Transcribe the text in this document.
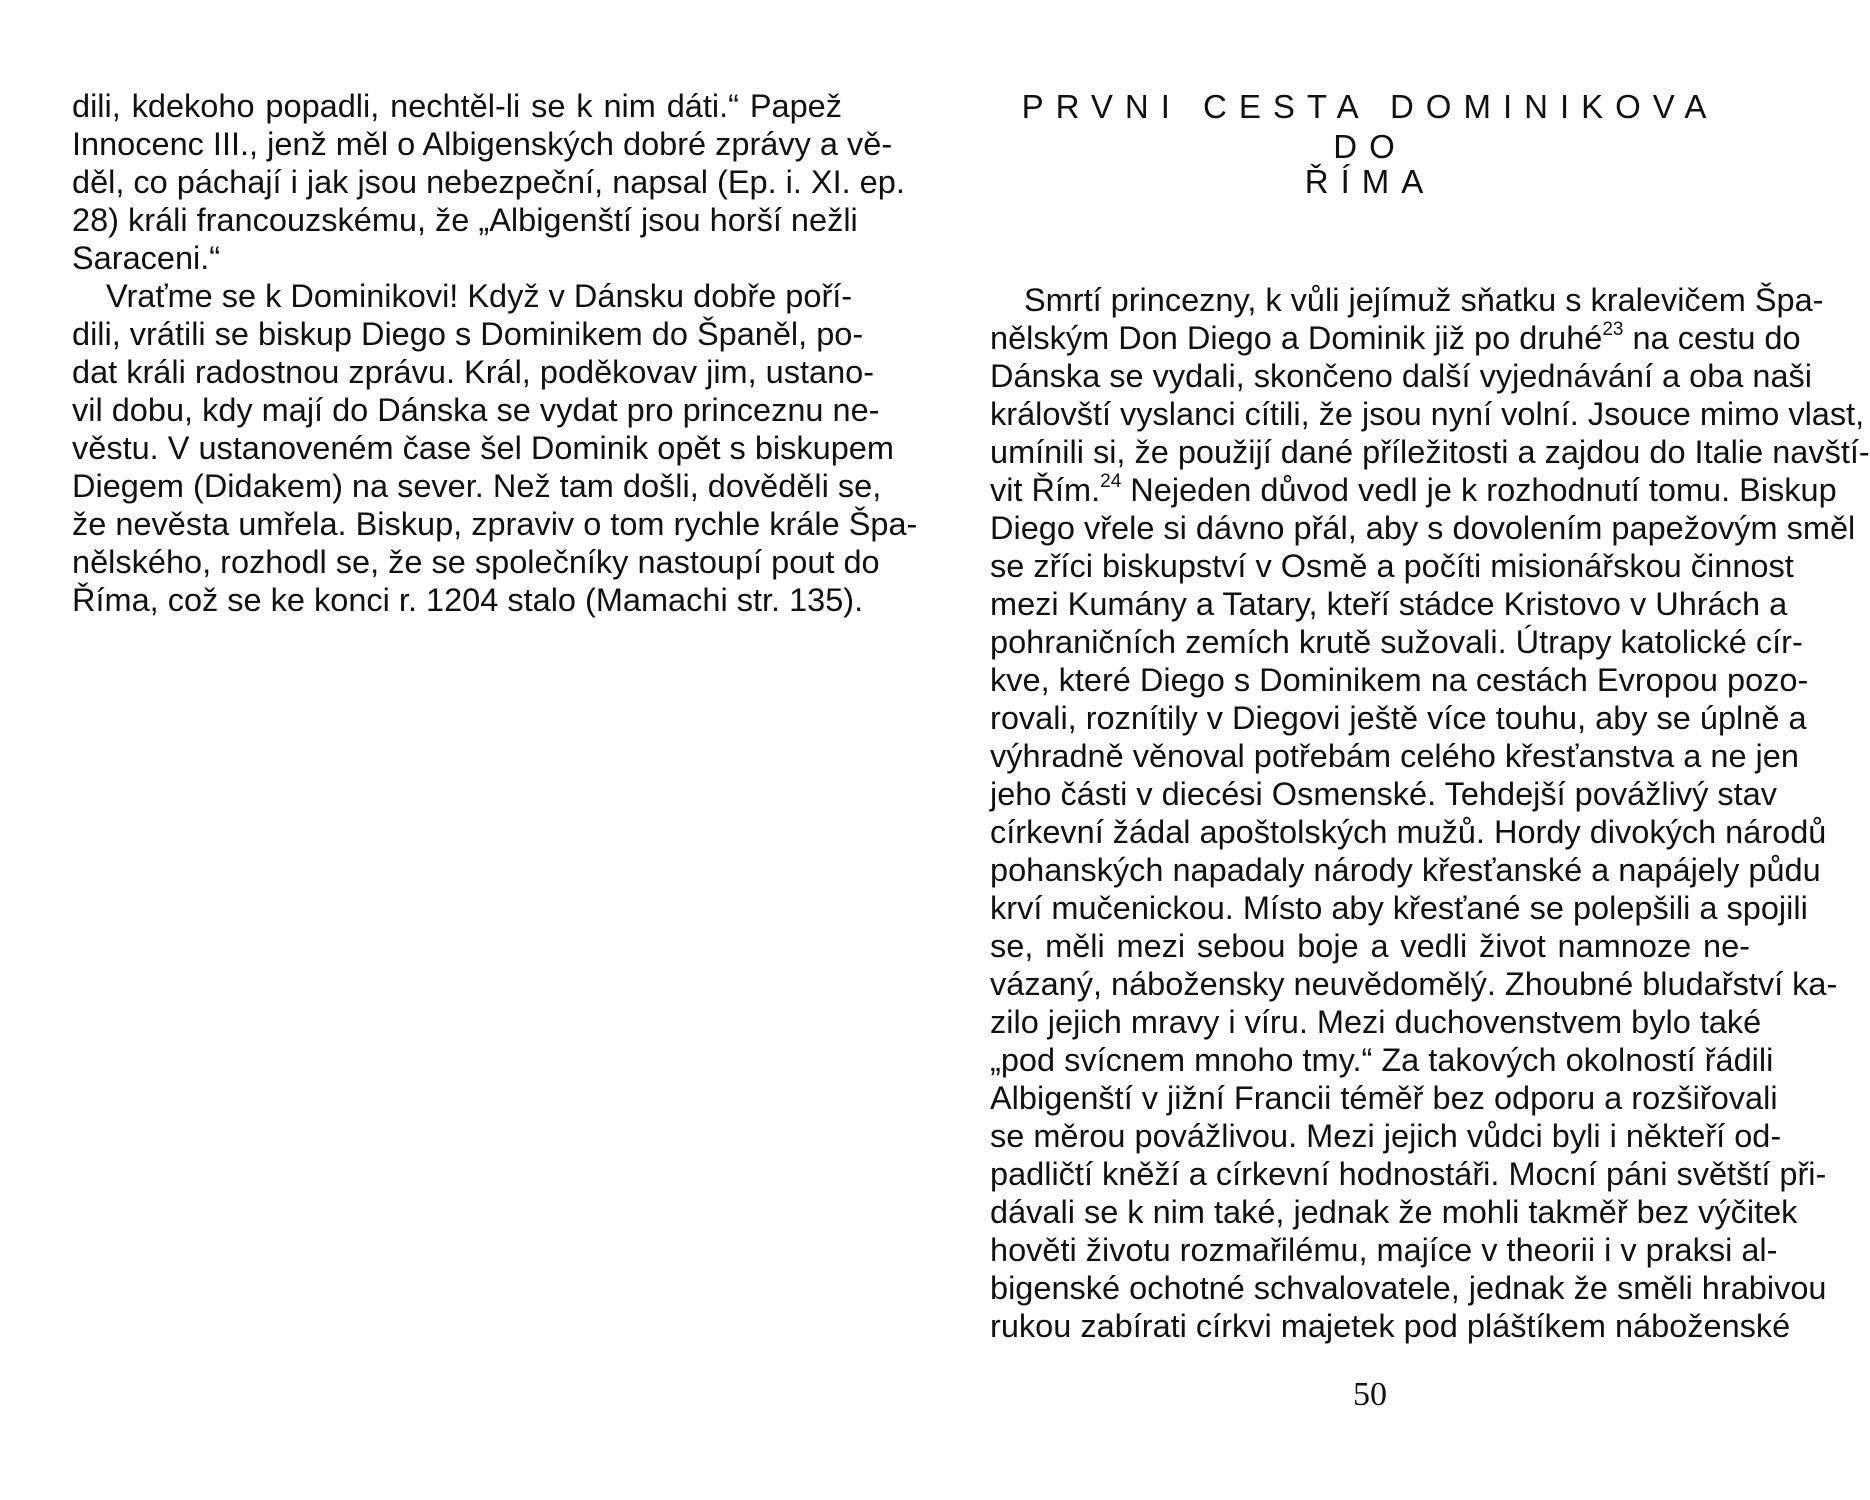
dili, kdekoho popadli, nechtěl-li se k nim dáti.“ Papež
Innocenc III., jenž měl o Albigenských dobré zprávy a vě-
děl, co páchají i jak jsou nebezpeční, napsal (Ep. i. XI. ep.
28) králi francouzskému, že „Albigenští jsou horší nežli
Saraceni.“
Vraťme se k Dominikovi! Když v Dánsku dobře poří-
dili, vrátili se biskup Diego s Dominikem do Španěl, po-
dat králi radostnou zprávu. Král, poděkovav jim, ustano-
vil dobu, kdy mají do Dánska se vydat pro princeznu ne-
věstu. V ustanoveném čase šel Dominik opět s biskupem
Diegem (Didakem) na sever. Než tam došli, dověděli se,
že nevěsta umřela. Biskup, zpraviv o tom rychle krále Špa-
nělského, rozhodl se, že se společníky nastoupí pout do
Říma, což se ke konci r. 1204 stalo (Mamachi str. 135).
PRVNI CESTA DOMINIKOVA DO
ŘÍMA
Smrtí princezny, k vůli jejímuž sňatku s kralevičem Špa-
nělským Don Diego a Dominik již po druhé$^{23}$ na cestu do
Dánska se vydali, skončeno další vyjednávání a oba naši
královští vyslanci cítili, že jsou nyní volní. Jsouce mimo vlast,
umínili si, že použijí dané příležitosti a zajdou do Italie navští-
vit Řím.$^{24}$ Nejeden důvod vedl je k rozhodnutí tomu. Biskup
Diego vřele si dávno přál, aby s dovolením papežovým směl
se zříci biskupství v Osmě a počíti misionářskou činnost
mezi Kumány a Tatary, kteří stádce Kristovo v Uhrách a
pohraničních zemích krutě sužovali. Útrapy katolické cír-
kve, které Diego s Dominikem na cestách Evropou pozo-
rovali, roznítily v Diegovi ještě více touhu, aby se úplně a
výhradně věnoval potřebám celého křesťanstva a ne jen
jeho části v diecési Osmenské. Tehdejší povážlivý stav
církevní žádal apoštolských mužů. Hordy divokých národů
pohanských napadaly národy křesťanské a napájely půdu
krví mučenickou. Místo aby křesťané se polepšili a spojili
se, měli mezi sebou boje a vedli život namnoze ne-
vázaný, nábožensky neuvědomělý. Zhoubné bludařství ka-
zilo jejich mravy i víru. Mezi duchovenstvem bylo také
„pod svícnem mnoho tmy.“ Za takových okolností řádili
Albigenští v jižní Francii téměř bez odporu a rozšiřovali
se měrou povážlivou. Mezi jejich vůdci byli i někteří od-
padličtí kněží a církevní hodnostáři. Mocní páni světští při-
dávali se k nim také, jednak že mohli takměř bez výčitek
hověti životu rozmařilému, majíce v theorii i v praksi al-
bigenské ochotné schvalovatele, jednak že směli hrabivou
rukou zabírati církvi majetek pod pláštíkem náboženské
50
